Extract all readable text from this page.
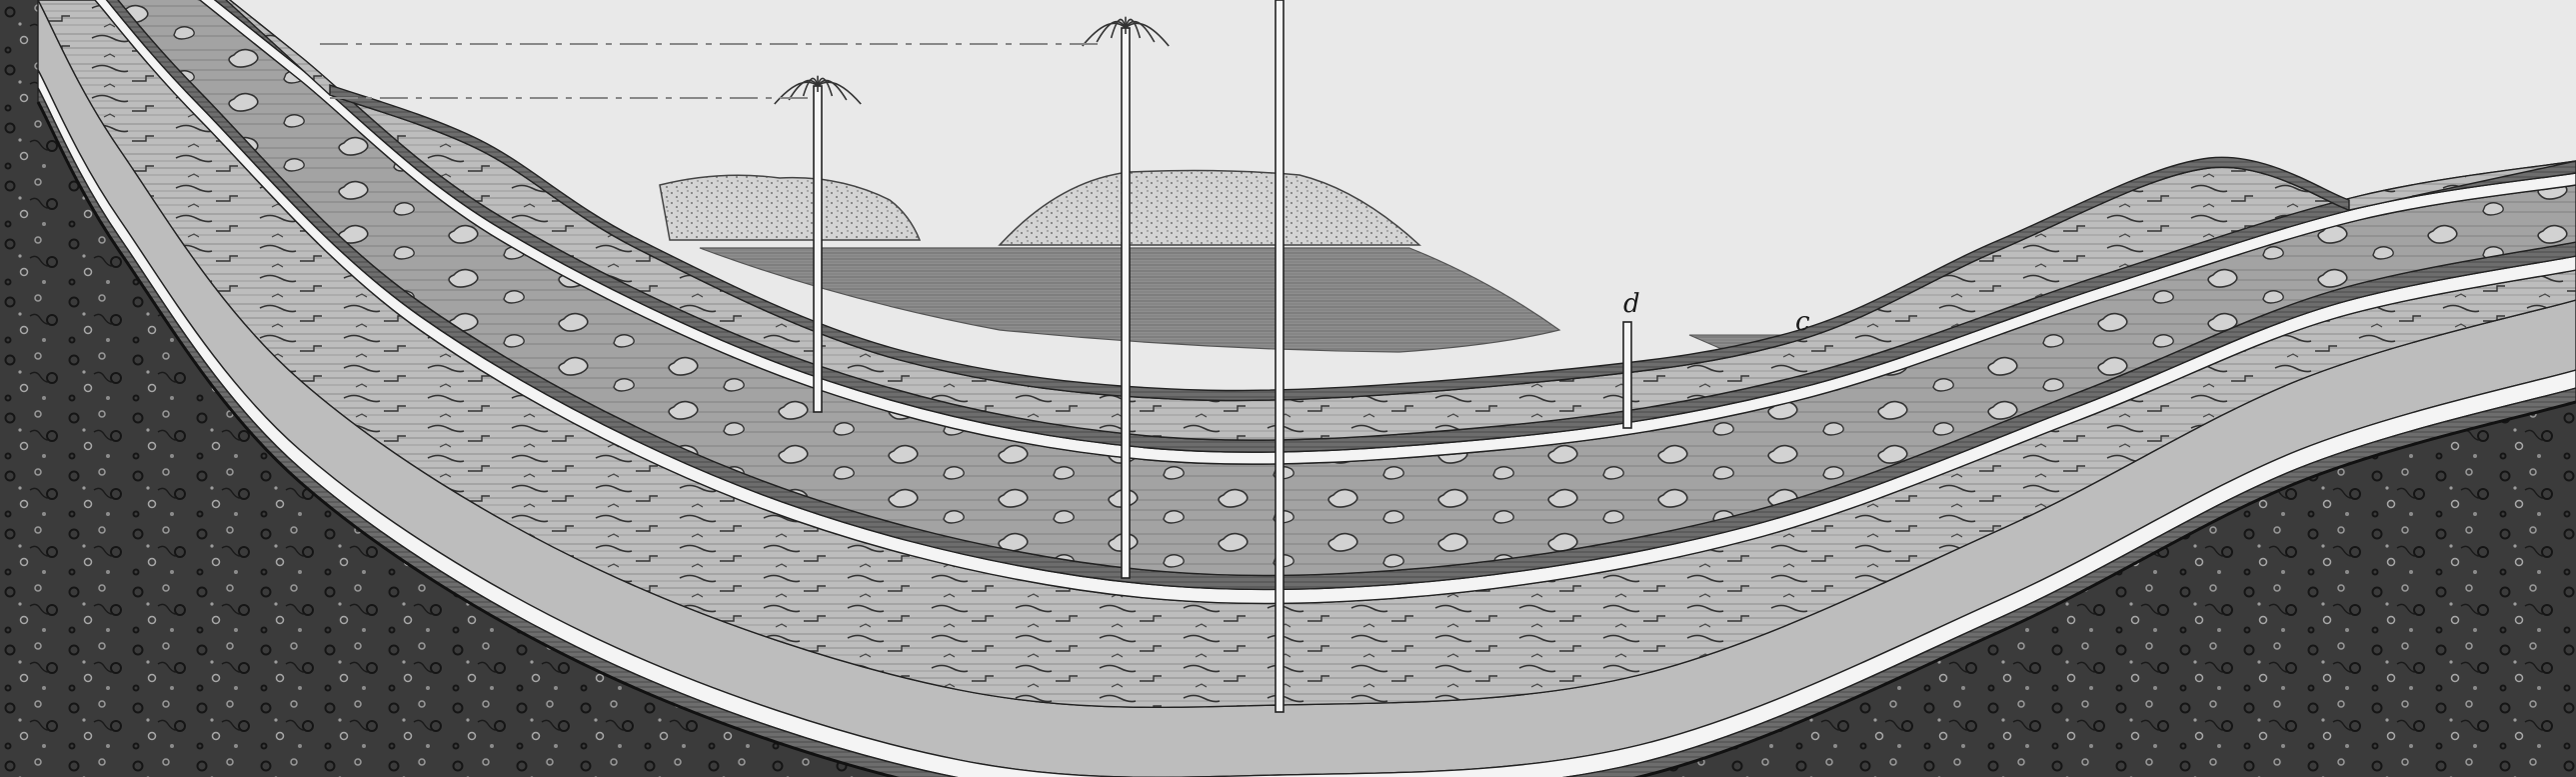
d
c
